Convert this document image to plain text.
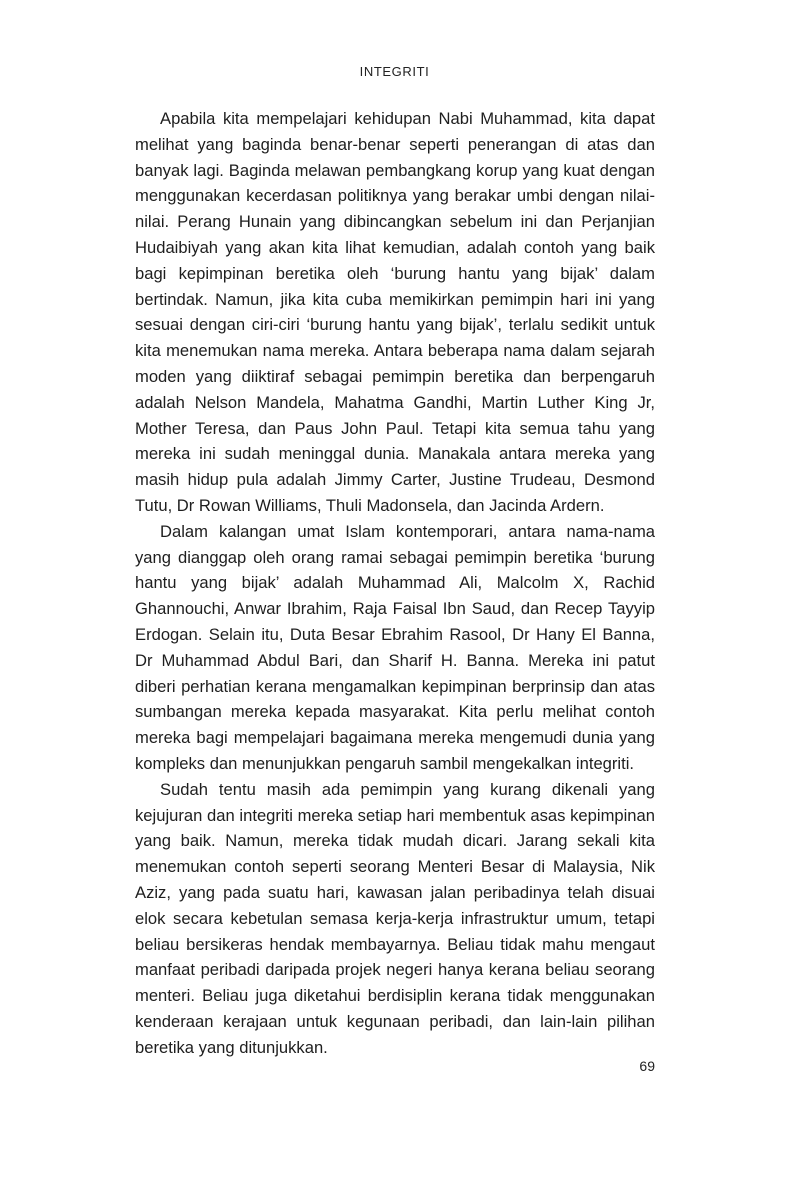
INTEGRITI

Apabila kita mempelajari kehidupan Nabi Muhammad, kita dapat melihat yang baginda benar-benar seperti penerangan di atas dan banyak lagi. Baginda melawan pembangkang korup yang kuat dengan menggunakan kecerdasan politiknya yang berakar umbi dengan nilai-nilai. Perang Hunain yang dibincangkan sebelum ini dan Perjanjian Hudaibiyah yang akan kita lihat kemudian, adalah contoh yang baik bagi kepimpinan beretika oleh ‘burung hantu yang bijak’ dalam bertindak. Namun, jika kita cuba memikirkan pemimpin hari ini yang sesuai dengan ciri-ciri ‘burung hantu yang bijak’, terlalu sedikit untuk kita menemukan nama mereka. Antara beberapa nama dalam sejarah moden yang diiktiraf sebagai pemimpin beretika dan berpengaruh adalah Nelson Mandela, Mahatma Gandhi, Martin Luther King Jr, Mother Teresa, dan Paus John Paul. Tetapi kita semua tahu yang mereka ini sudah meninggal dunia. Manakala antara mereka yang masih hidup pula adalah Jimmy Carter, Justine Trudeau, Desmond Tutu, Dr Rowan Williams, Thuli Madonsela, dan Jacinda Ardern.

Dalam kalangan umat Islam kontemporari, antara nama-nama yang dianggap oleh orang ramai sebagai pemimpin beretika ‘burung hantu yang bijak’ adalah Muhammad Ali, Malcolm X, Rachid Ghannouchi, Anwar Ibrahim, Raja Faisal Ibn Saud, dan Recep Tayyip Erdogan. Selain itu, Duta Besar Ebrahim Rasool, Dr Hany El Banna, Dr Muhammad Abdul Bari, dan Sharif H. Banna. Mereka ini patut diberi perhatian kerana mengamalkan kepimpinan berprinsip dan atas sumbangan mereka kepada masyarakat. Kita perlu melihat contoh mereka bagi mempelajari bagaimana mereka mengemudi dunia yang kompleks dan menunjukkan pengaruh sambil mengekalkan integriti.

Sudah tentu masih ada pemimpin yang kurang dikenali yang kejujuran dan integriti mereka setiap hari membentuk asas kepimpinan yang baik. Namun, mereka tidak mudah dicari. Jarang sekali kita menemukan contoh seperti seorang Menteri Besar di Malaysia, Nik Aziz, yang pada suatu hari, kawasan jalan peribadinya telah disuai elok secara kebetulan semasa kerja-kerja infrastruktur umum, tetapi beliau bersikeras hendak membayarnya. Beliau tidak mahu mengaut manfaat peribadi daripada projek negeri hanya kerana beliau seorang menteri. Beliau juga diketahui berdisiplin kerana tidak menggunakan kenderaan kerajaan untuk kegunaan peribadi, dan lain-lain pilihan beretika yang ditunjukkan.

69
